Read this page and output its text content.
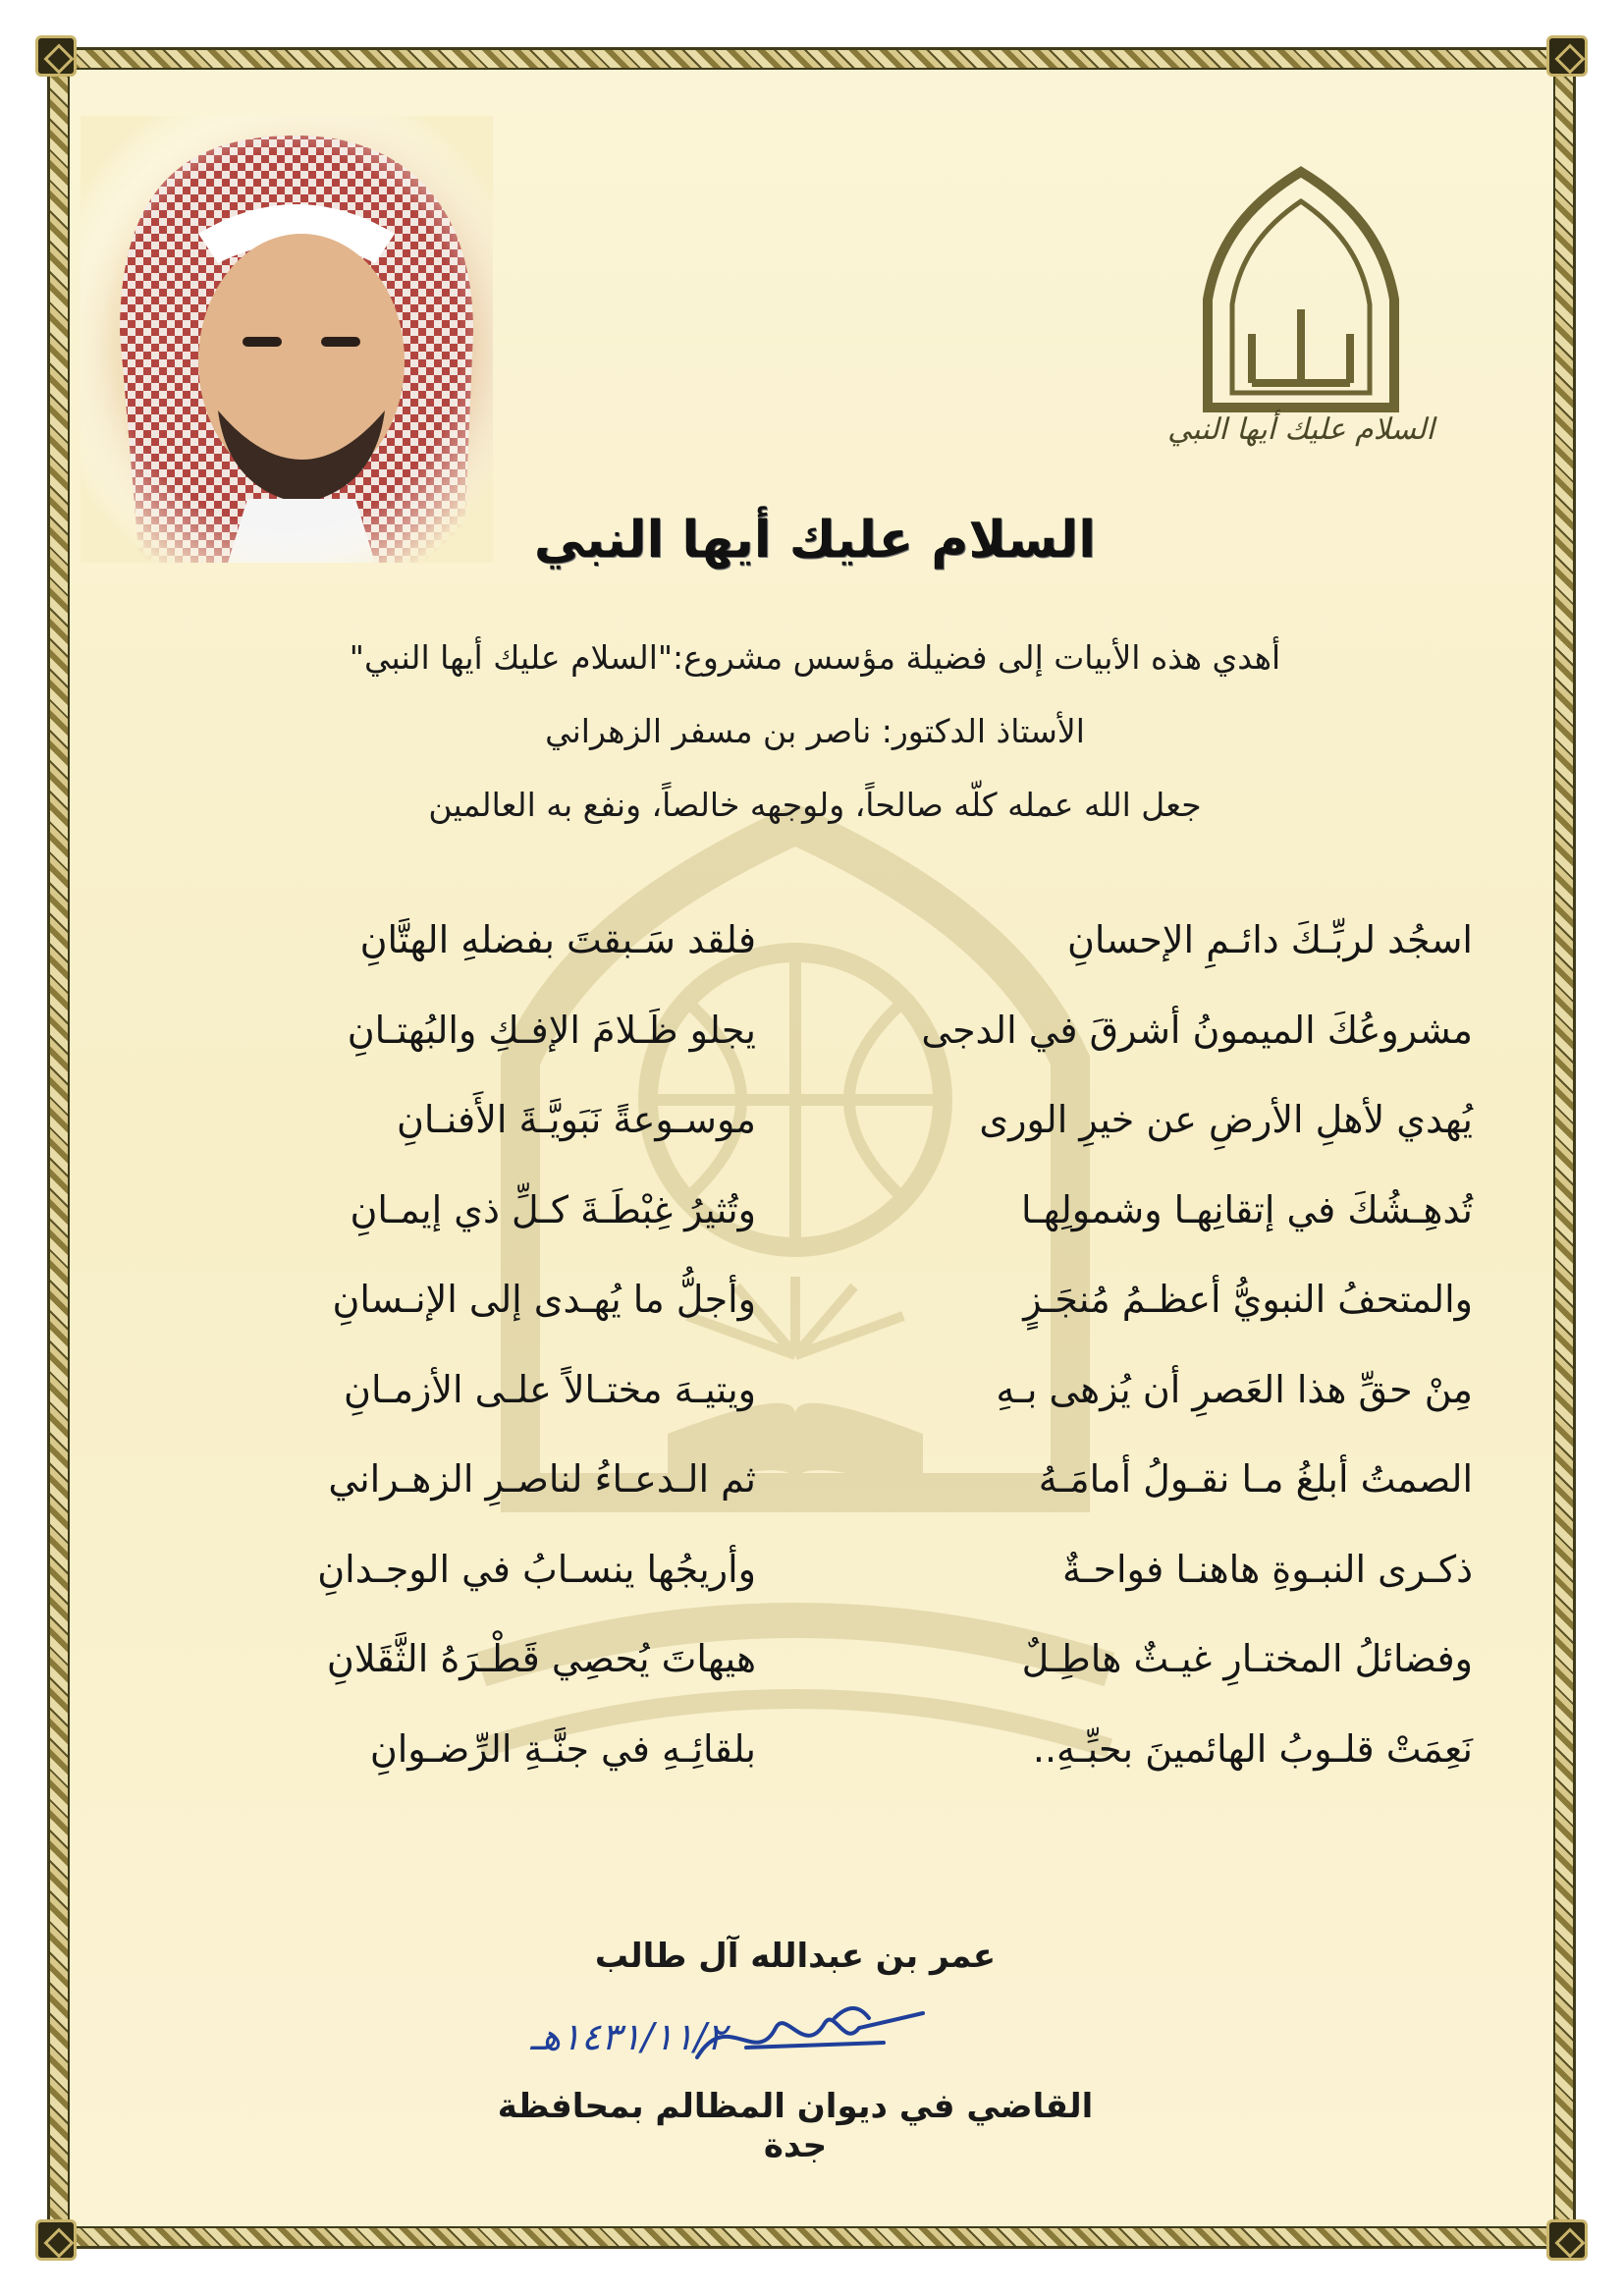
السلام عليك أيها النبي
السلام عليك أيها النبي
أهدي هذه الأبيات إلى فضيلة مؤسس مشروع:"السلام عليك أيها النبي"
الأستاذ الدكتور: ناصر بن مسفر الزهراني
جعل الله عمله كلّه صالحاً، ولوجهه خالصاً، ونفع به العالمين
اسجُد لربِّـكَ دائـمِ الإحسانِ
فلقد سَـبقتَ بفضلهِ الهتَّانِ
مشروعُكَ الميمونُ أشرقَ في الدجى
يجلو ظَـلامَ الإفـكِ والبُهتـانِ
يُهدي لأهلِ الأرضِ عن خيرِ الورى
موسـوعةً نَبَويَّـةَ الأَفنـانِ
تُدهِـشُكَ في إتقانِهـا وشمولِهـا
وتُثيرُ غِبْطَـةَ كـلِّ ذي إيمـانِ
والمتحفُ النبويُّ أعظـمُ مُنجَـزٍ
وأجلُّ ما يُهـدى إلى الإنـسانِ
مِنْ حقِّ هذا العَصرِ أن يُزهى بـهِ
ويتيـهَ مختـالاً علـى الأزمـانِ
الصمتُ أبلغُ مـا نقـولُ أمامَـهُ
ثم الـدعـاءُ لناصـرِ الزهـراني
ذكـرى النبـوةِ هاهنـا فواحـةٌ
وأريجُها ينسـابُ في الوجـدانِ
وفضائلُ المختـارِ غيـثٌ هاطِـلٌ
هيهاتَ يُحصِي قَطْـرَهُ الثَّقَلانِ
نَعِمَتْ قلـوبُ الهائمينَ بحبِّـهِ..
بلقائِـهِ في جنَّـةِ الرِّضـوانِ
عمر بن عبدالله آل طالب
١٤٣١/١١/٢هـ
القاضي في ديوان المظالم بمحافظة جدة
